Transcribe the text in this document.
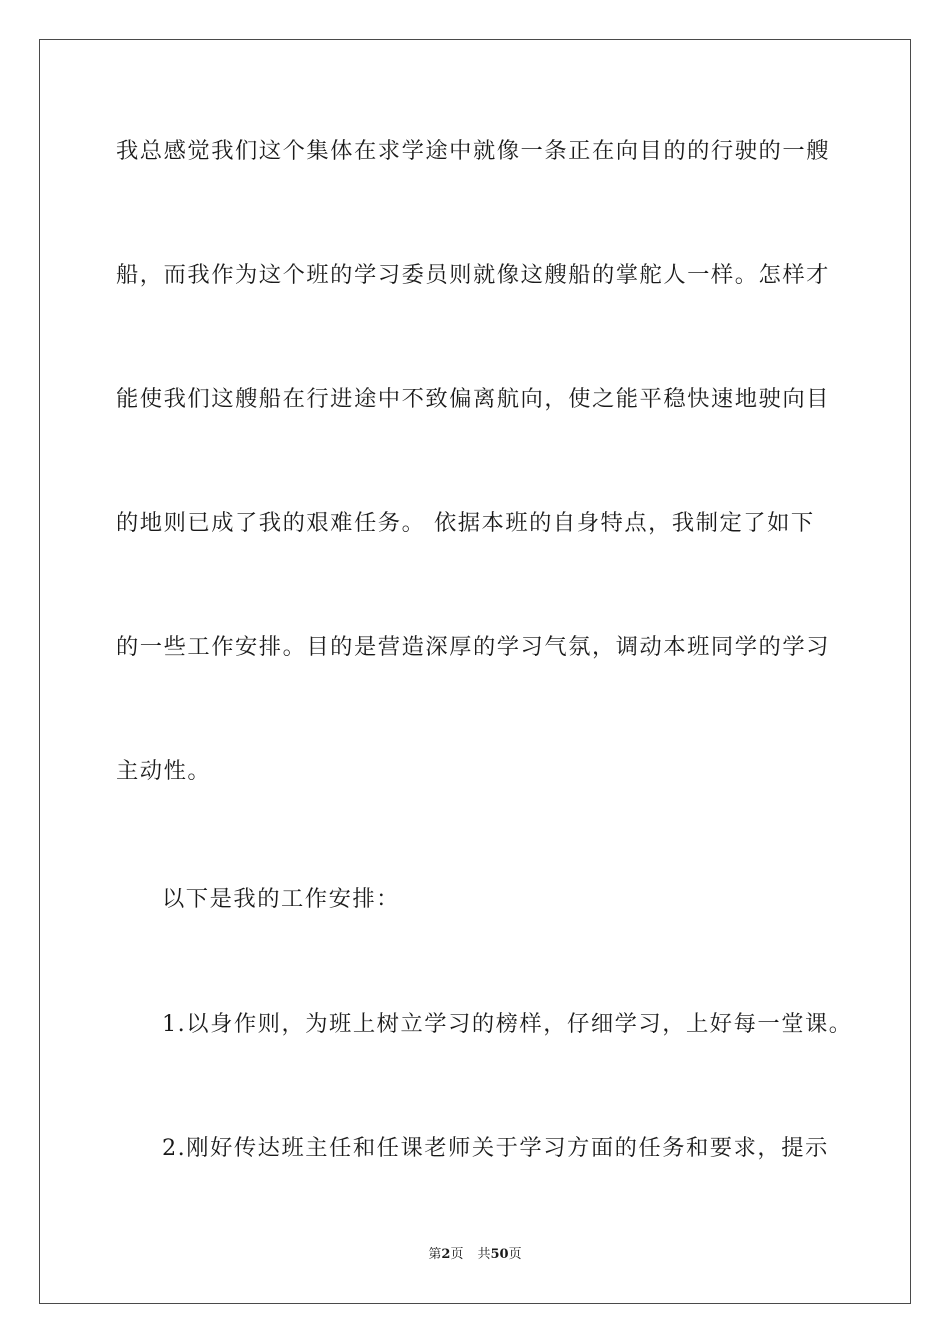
我总感觉我们这个集体在求学途中就像一条正在向目的的行驶的一艘
船，而我作为这个班的学习委员则就像这艘船的掌舵人一样。怎样才
能使我们这艘船在行进途中不致偏离航向，使之能平稳快速地驶向目
的地则已成了我的艰难任务。 依据本班的自身特点，我制定了如下
的一些工作安排。目的是营造深厚的学习气氛，调动本班同学的学习
主动性。
以下是我的工作安排：
1.以身作则，为班上树立学习的榜样，仔细学习，上好每一堂课。
2.刚好传达班主任和任课老师关于学习方面的任务和要求，提示
第2页 共50页
